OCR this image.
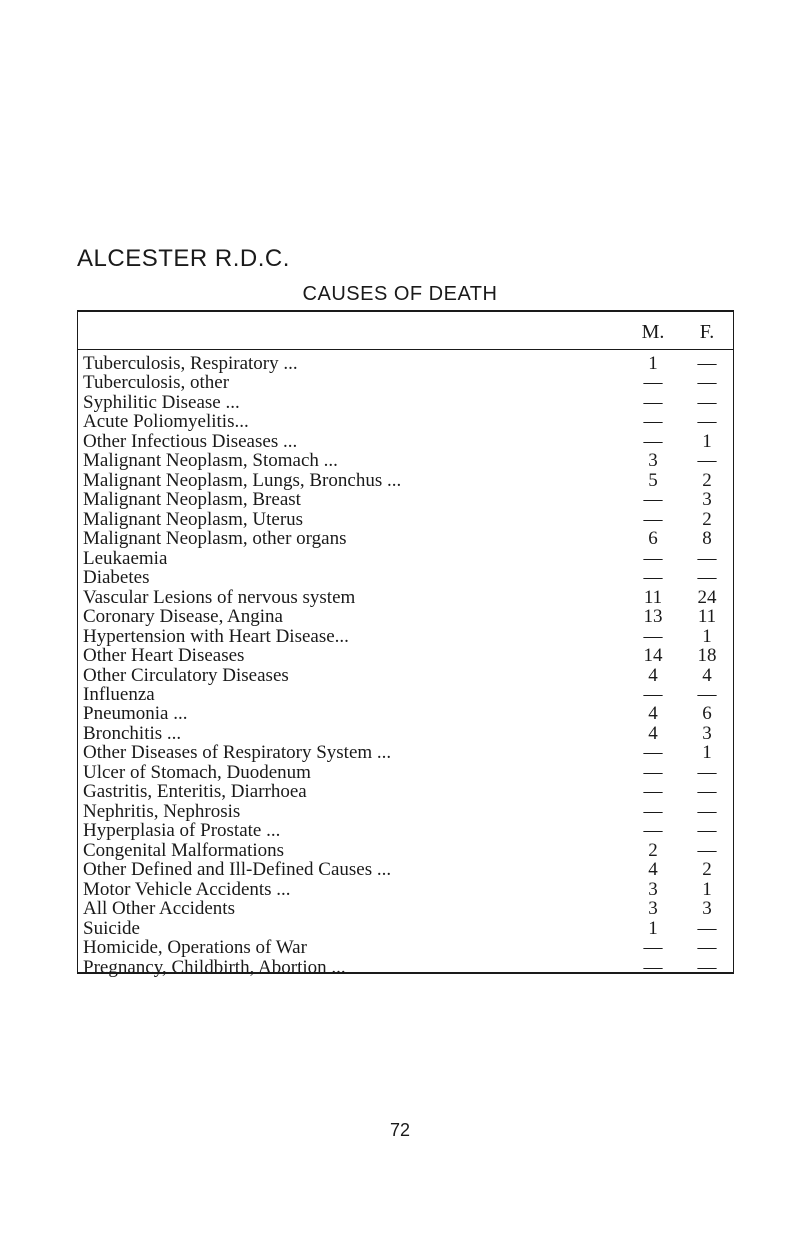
ALCESTER R.D.C.
CAUSES OF DEATH
M.	F.
Tuberculosis, Respiratory ...	1	—
Tuberculosis, other	—	—
Syphilitic Disease ...	—	—
Acute Poliomyelitis...	—	—
Other Infectious Diseases ...	—	1
Malignant Neoplasm, Stomach ...	3	—
Malignant Neoplasm, Lungs, Bronchus ...	5	2
Malignant Neoplasm, Breast	—	3
Malignant Neoplasm, Uterus	—	2
Malignant Neoplasm, other organs	6	8
Leukaemia	—	—
Diabetes	—	—
Vascular Lesions of nervous system	11	24
Coronary Disease, Angina	13	11
Hypertension with Heart Disease...	—	1
Other Heart Diseases	14	18
Other Circulatory Diseases	4	4
Influenza	—	—
Pneumonia ...	4	6
Bronchitis ...	4	3
Other Diseases of Respiratory System ...	—	1
Ulcer of Stomach, Duodenum	—	—
Gastritis, Enteritis, Diarrhoea	—	—
Nephritis, Nephrosis	—	—
Hyperplasia of Prostate ...	—	—
Congenital Malformations	2	—
Other Defined and Ill-Defined Causes ...	4	2
Motor Vehicle Accidents ...	3	1
All Other Accidents	3	3
Suicide	1	—
Homicide, Operations of War	—	—
Pregnancy, Childbirth, Abortion ...	—	—
72
